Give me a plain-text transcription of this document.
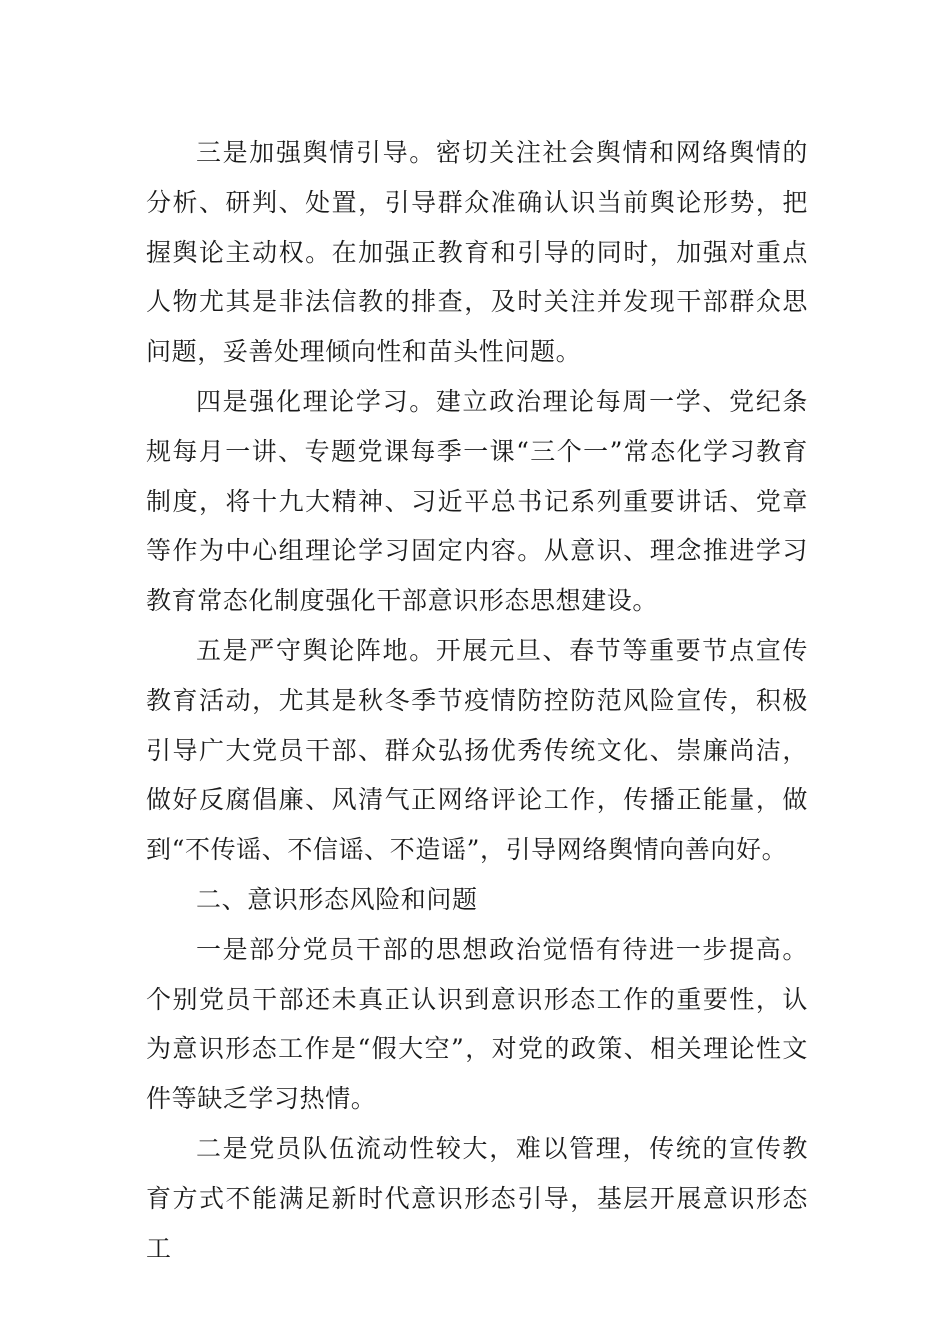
三是加强舆情引导。密切关注社会舆情和网络舆情的分析、研判、处置，引导群众准确认识当前舆论形势，把握舆论主动权。在加强正教育和引导的同时，加强对重点人物尤其是非法信教的排查，及时关注并发现干部群众思问题，妥善处理倾向性和苗头性问题。

四是强化理论学习。建立政治理论每周一学、党纪条规每月一讲、专题党课每季一课“三个一”常态化学习教育制度，将十九大精神、习近平总书记系列重要讲话、党章等作为中心组理论学习固定内容。从意识、理念推进学习教育常态化制度强化干部意识形态思想建设。

五是严守舆论阵地。开展元旦、春节等重要节点宣传教育活动，尤其是秋冬季节疫情防控防范风险宣传，积极引导广大党员干部、群众弘扬优秀传统文化、崇廉尚洁，做好反腐倡廉、风清气正网络评论工作，传播正能量，做到“不传谣、不信谣、不造谣”，引导网络舆情向善向好。

二、意识形态风险和问题

一是部分党员干部的思想政治觉悟有待进一步提高。个别党员干部还未真正认识到意识形态工作的重要性，认为意识形态工作是“假大空”，对党的政策、相关理论性文件等缺乏学习热情。

二是党员队伍流动性较大，难以管理，传统的宣传教育方式不能满足新时代意识形态引导，基层开展意识形态工
